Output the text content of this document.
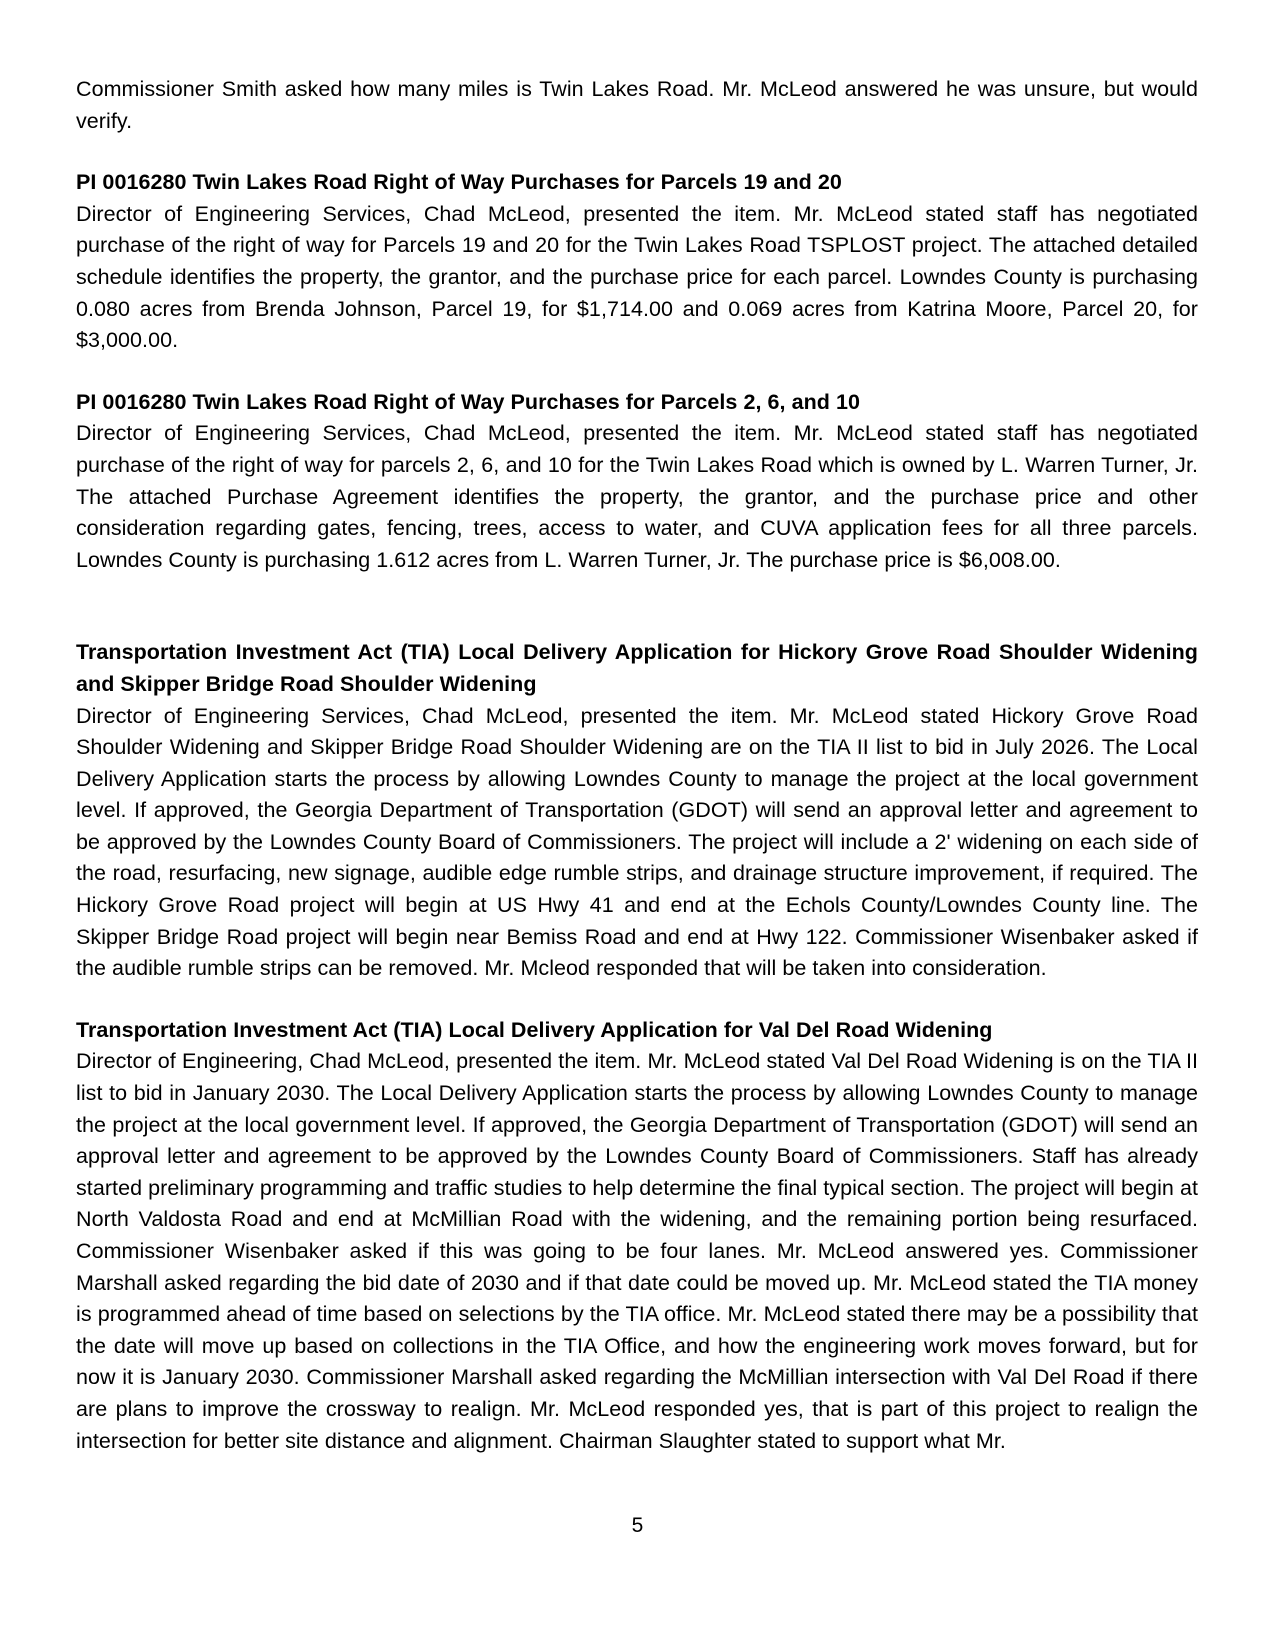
Commissioner Smith asked how many miles is Twin Lakes Road. Mr. McLeod answered he was unsure, but would verify.

PI 0016280 Twin Lakes Road Right of Way Purchases for Parcels 19 and 20

Director of Engineering Services, Chad McLeod, presented the item. Mr. McLeod stated staff has negotiated purchase of the right of way for Parcels 19 and 20 for the Twin Lakes Road TSPLOST project. The attached detailed schedule identifies the property, the grantor, and the purchase price for each parcel. Lowndes County is purchasing 0.080 acres from Brenda Johnson, Parcel 19, for $1,714.00 and 0.069 acres from Katrina Moore, Parcel 20, for $3,000.00.

PI 0016280 Twin Lakes Road Right of Way Purchases for Parcels 2, 6, and 10

Director of Engineering Services, Chad McLeod, presented the item. Mr. McLeod stated staff has negotiated purchase of the right of way for parcels 2, 6, and 10 for the Twin Lakes Road which is owned by L. Warren Turner, Jr. The attached Purchase Agreement identifies the property, the grantor, and the purchase price and other consideration regarding gates, fencing, trees, access to water, and CUVA application fees for all three parcels. Lowndes County is purchasing 1.612 acres from L. Warren Turner, Jr. The purchase price is $6,008.00.

Transportation Investment Act (TIA) Local Delivery Application for Hickory Grove Road Shoulder Widening and Skipper Bridge Road Shoulder Widening

Director of Engineering Services, Chad McLeod, presented the item. Mr. McLeod stated Hickory Grove Road Shoulder Widening and Skipper Bridge Road Shoulder Widening are on the TIA II list to bid in July 2026. The Local Delivery Application starts the process by allowing Lowndes County to manage the project at the local government level. If approved, the Georgia Department of Transportation (GDOT) will send an approval letter and agreement to be approved by the Lowndes County Board of Commissioners. The project will include a 2' widening on each side of the road, resurfacing, new signage, audible edge rumble strips, and drainage structure improvement, if required. The Hickory Grove Road project will begin at US Hwy 41 and end at the Echols County/Lowndes County line. The Skipper Bridge Road project will begin near Bemiss Road and end at Hwy 122. Commissioner Wisenbaker asked if the audible rumble strips can be removed. Mr. Mcleod responded that will be taken into consideration.

Transportation Investment Act (TIA) Local Delivery Application for Val Del Road Widening

Director of Engineering, Chad McLeod, presented the item. Mr. McLeod stated Val Del Road Widening is on the TIA II list to bid in January 2030. The Local Delivery Application starts the process by allowing Lowndes County to manage the project at the local government level. If approved, the Georgia Department of Transportation (GDOT) will send an approval letter and agreement to be approved by the Lowndes County Board of Commissioners. Staff has already started preliminary programming and traffic studies to help determine the final typical section. The project will begin at North Valdosta Road and end at McMillian Road with the widening, and the remaining portion being resurfaced. Commissioner Wisenbaker asked if this was going to be four lanes. Mr. McLeod answered yes. Commissioner Marshall asked regarding the bid date of 2030 and if that date could be moved up. Mr. McLeod stated the TIA money is programmed ahead of time based on selections by the TIA office. Mr. McLeod stated there may be a possibility that the date will move up based on collections in the TIA Office, and how the engineering work moves forward, but for now it is January 2030. Commissioner Marshall asked regarding the McMillian intersection with Val Del Road if there are plans to improve the crossway to realign. Mr. McLeod responded yes, that is part of this project to realign the intersection for better site distance and alignment. Chairman Slaughter stated to support what Mr.

5
